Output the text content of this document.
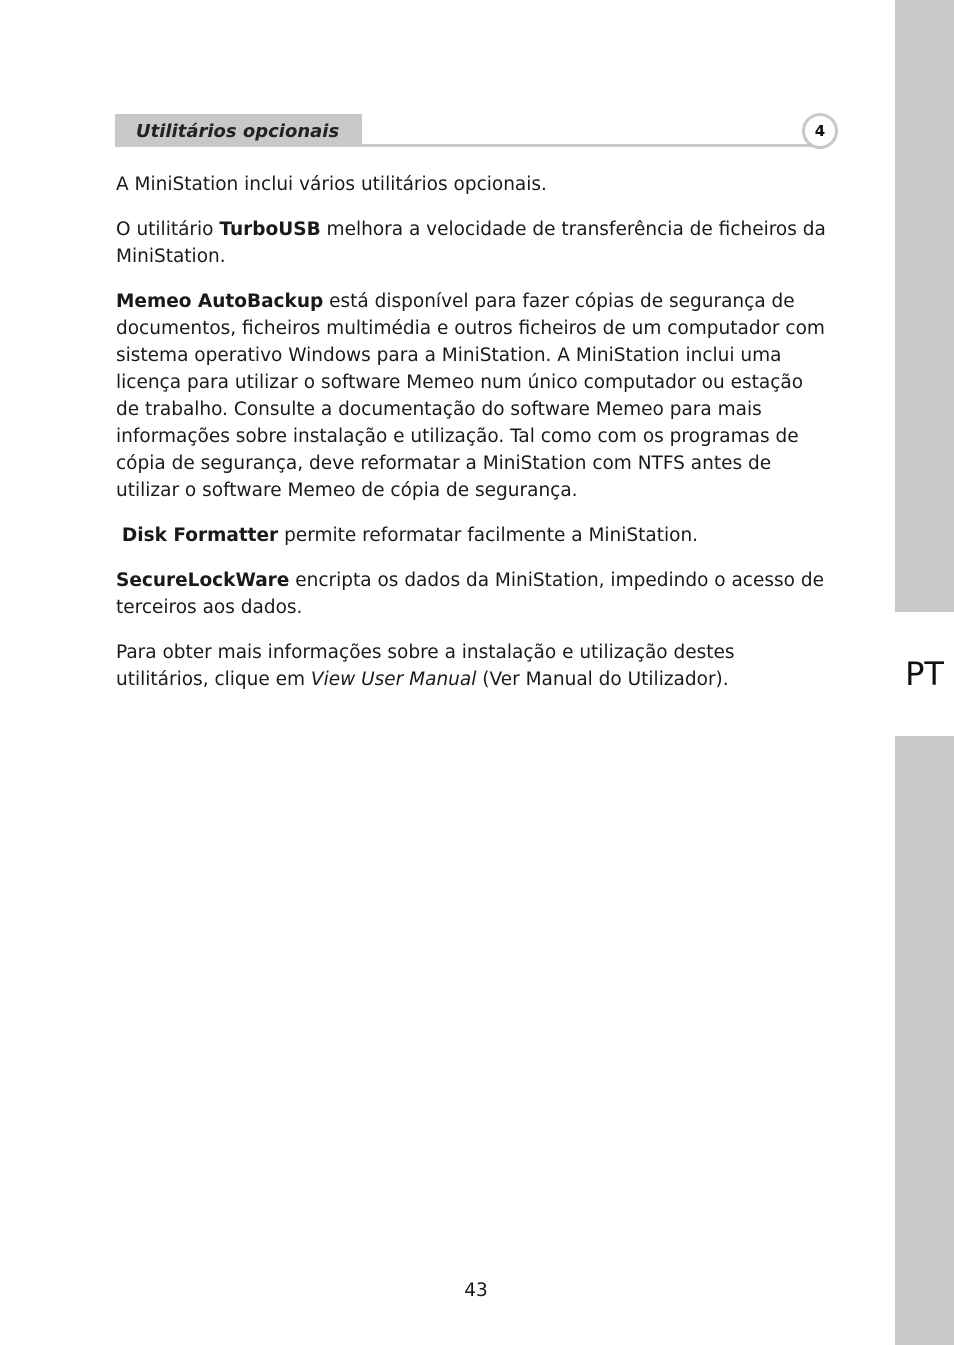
PT
Utilitários opcionais	4

A MiniStation inclui vários utilitários opcionais.

O utilitário TurboUSB melhora a velocidade de transferência de ficheiros da MiniStation.

Memeo AutoBackup está disponível para fazer cópias de segurança de documentos, ficheiros multimédia e outros ficheiros de um computador com sistema operativo Windows para a MiniStation. A MiniStation inclui uma licença para utilizar o software Memeo num único computador ou estação de trabalho. Consulte a documentação do software Memeo para mais informações sobre instalação e utilização. Tal como com os programas de cópia de segurança, deve reformatar a MiniStation com NTFS antes de utilizar o software Memeo de cópia de segurança.

Disk Formatter permite reformatar facilmente a MiniStation.

SecureLockWare encripta os dados da MiniStation, impedindo o acesso de terceiros aos dados.

Para obter mais informações sobre a instalação e utilização destes utilitários, clique em View User Manual (Ver Manual do Utilizador).

43
